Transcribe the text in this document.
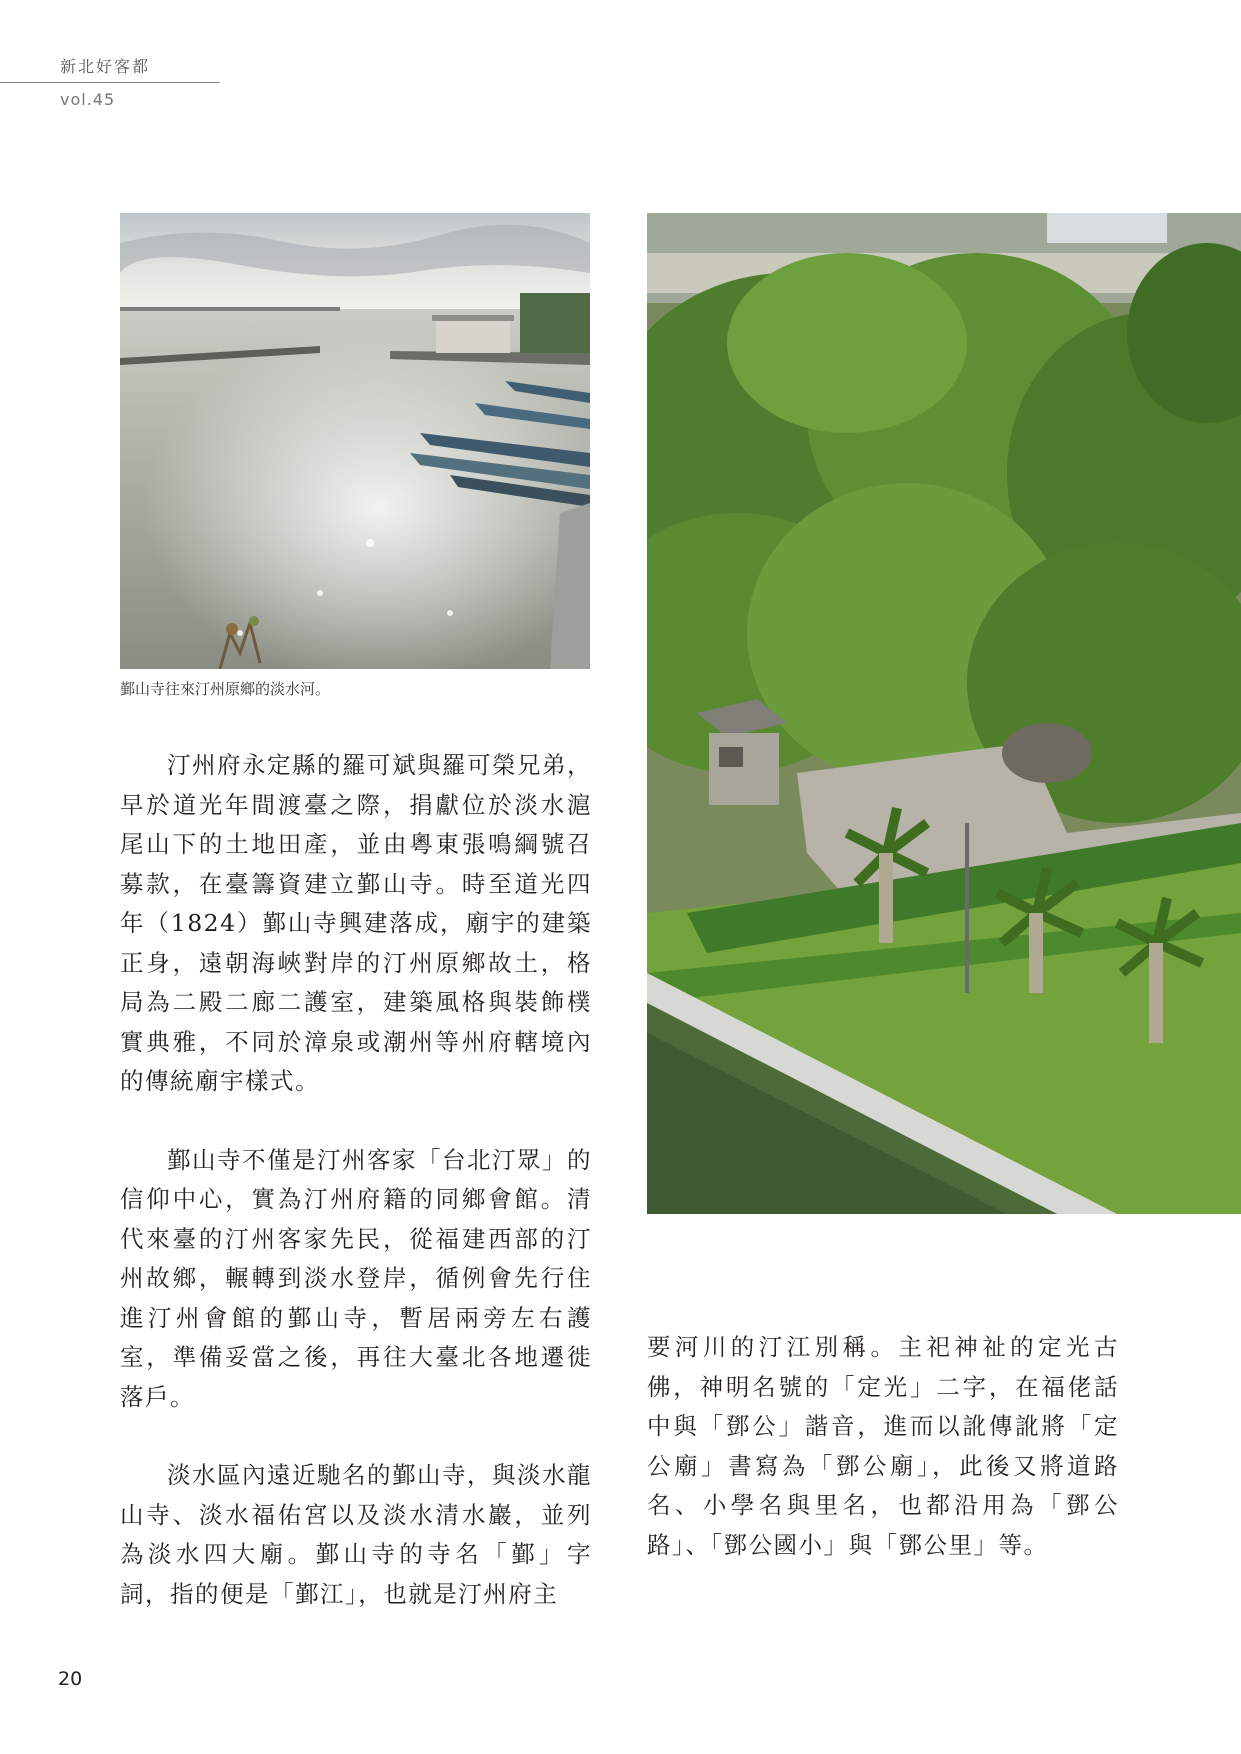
新北好客都
vol.45
鄞山寺往來汀州原鄉的淡水河。

汀州府永定縣的羅可斌與羅可榮兄弟，早於道光年間渡臺之際，捐獻位於淡水滬尾山下的土地田產，並由粵東張鳴綱號召募款，在臺籌資建立鄞山寺。時至道光四年（1824）鄞山寺興建落成，廟宇的建築正身，遠朝海峽對岸的汀州原鄉故土，格局為二殿二廊二護室，建築風格與裝飾樸實典雅，不同於漳泉或潮州等州府轄境內的傳統廟宇樣式。

鄞山寺不僅是汀州客家「台北汀眾」的信仰中心，實為汀州府籍的同鄉會館。清代來臺的汀州客家先民，從福建西部的汀州故鄉，輾轉到淡水登岸，循例會先行住進汀州會館的鄞山寺，暫居兩旁左右護室，準備妥當之後，再往大臺北各地遷徙落戶。

淡水區內遠近馳名的鄞山寺，與淡水龍山寺、淡水福佑宮以及淡水清水巖，並列為淡水四大廟。鄞山寺的寺名「鄞」字詞，指的便是「鄞江」，也就是汀州府主

要河川的汀江別稱。主祀神祉的定光古佛，神明名號的「定光」二字，在福佬話中與「鄧公」諧音，進而以訛傳訛將「定公廟」書寫為「鄧公廟」，此後又將道路名、小學名與里名，也都沿用為「鄧公路」、「鄧公國小」與「鄧公里」等。

20
